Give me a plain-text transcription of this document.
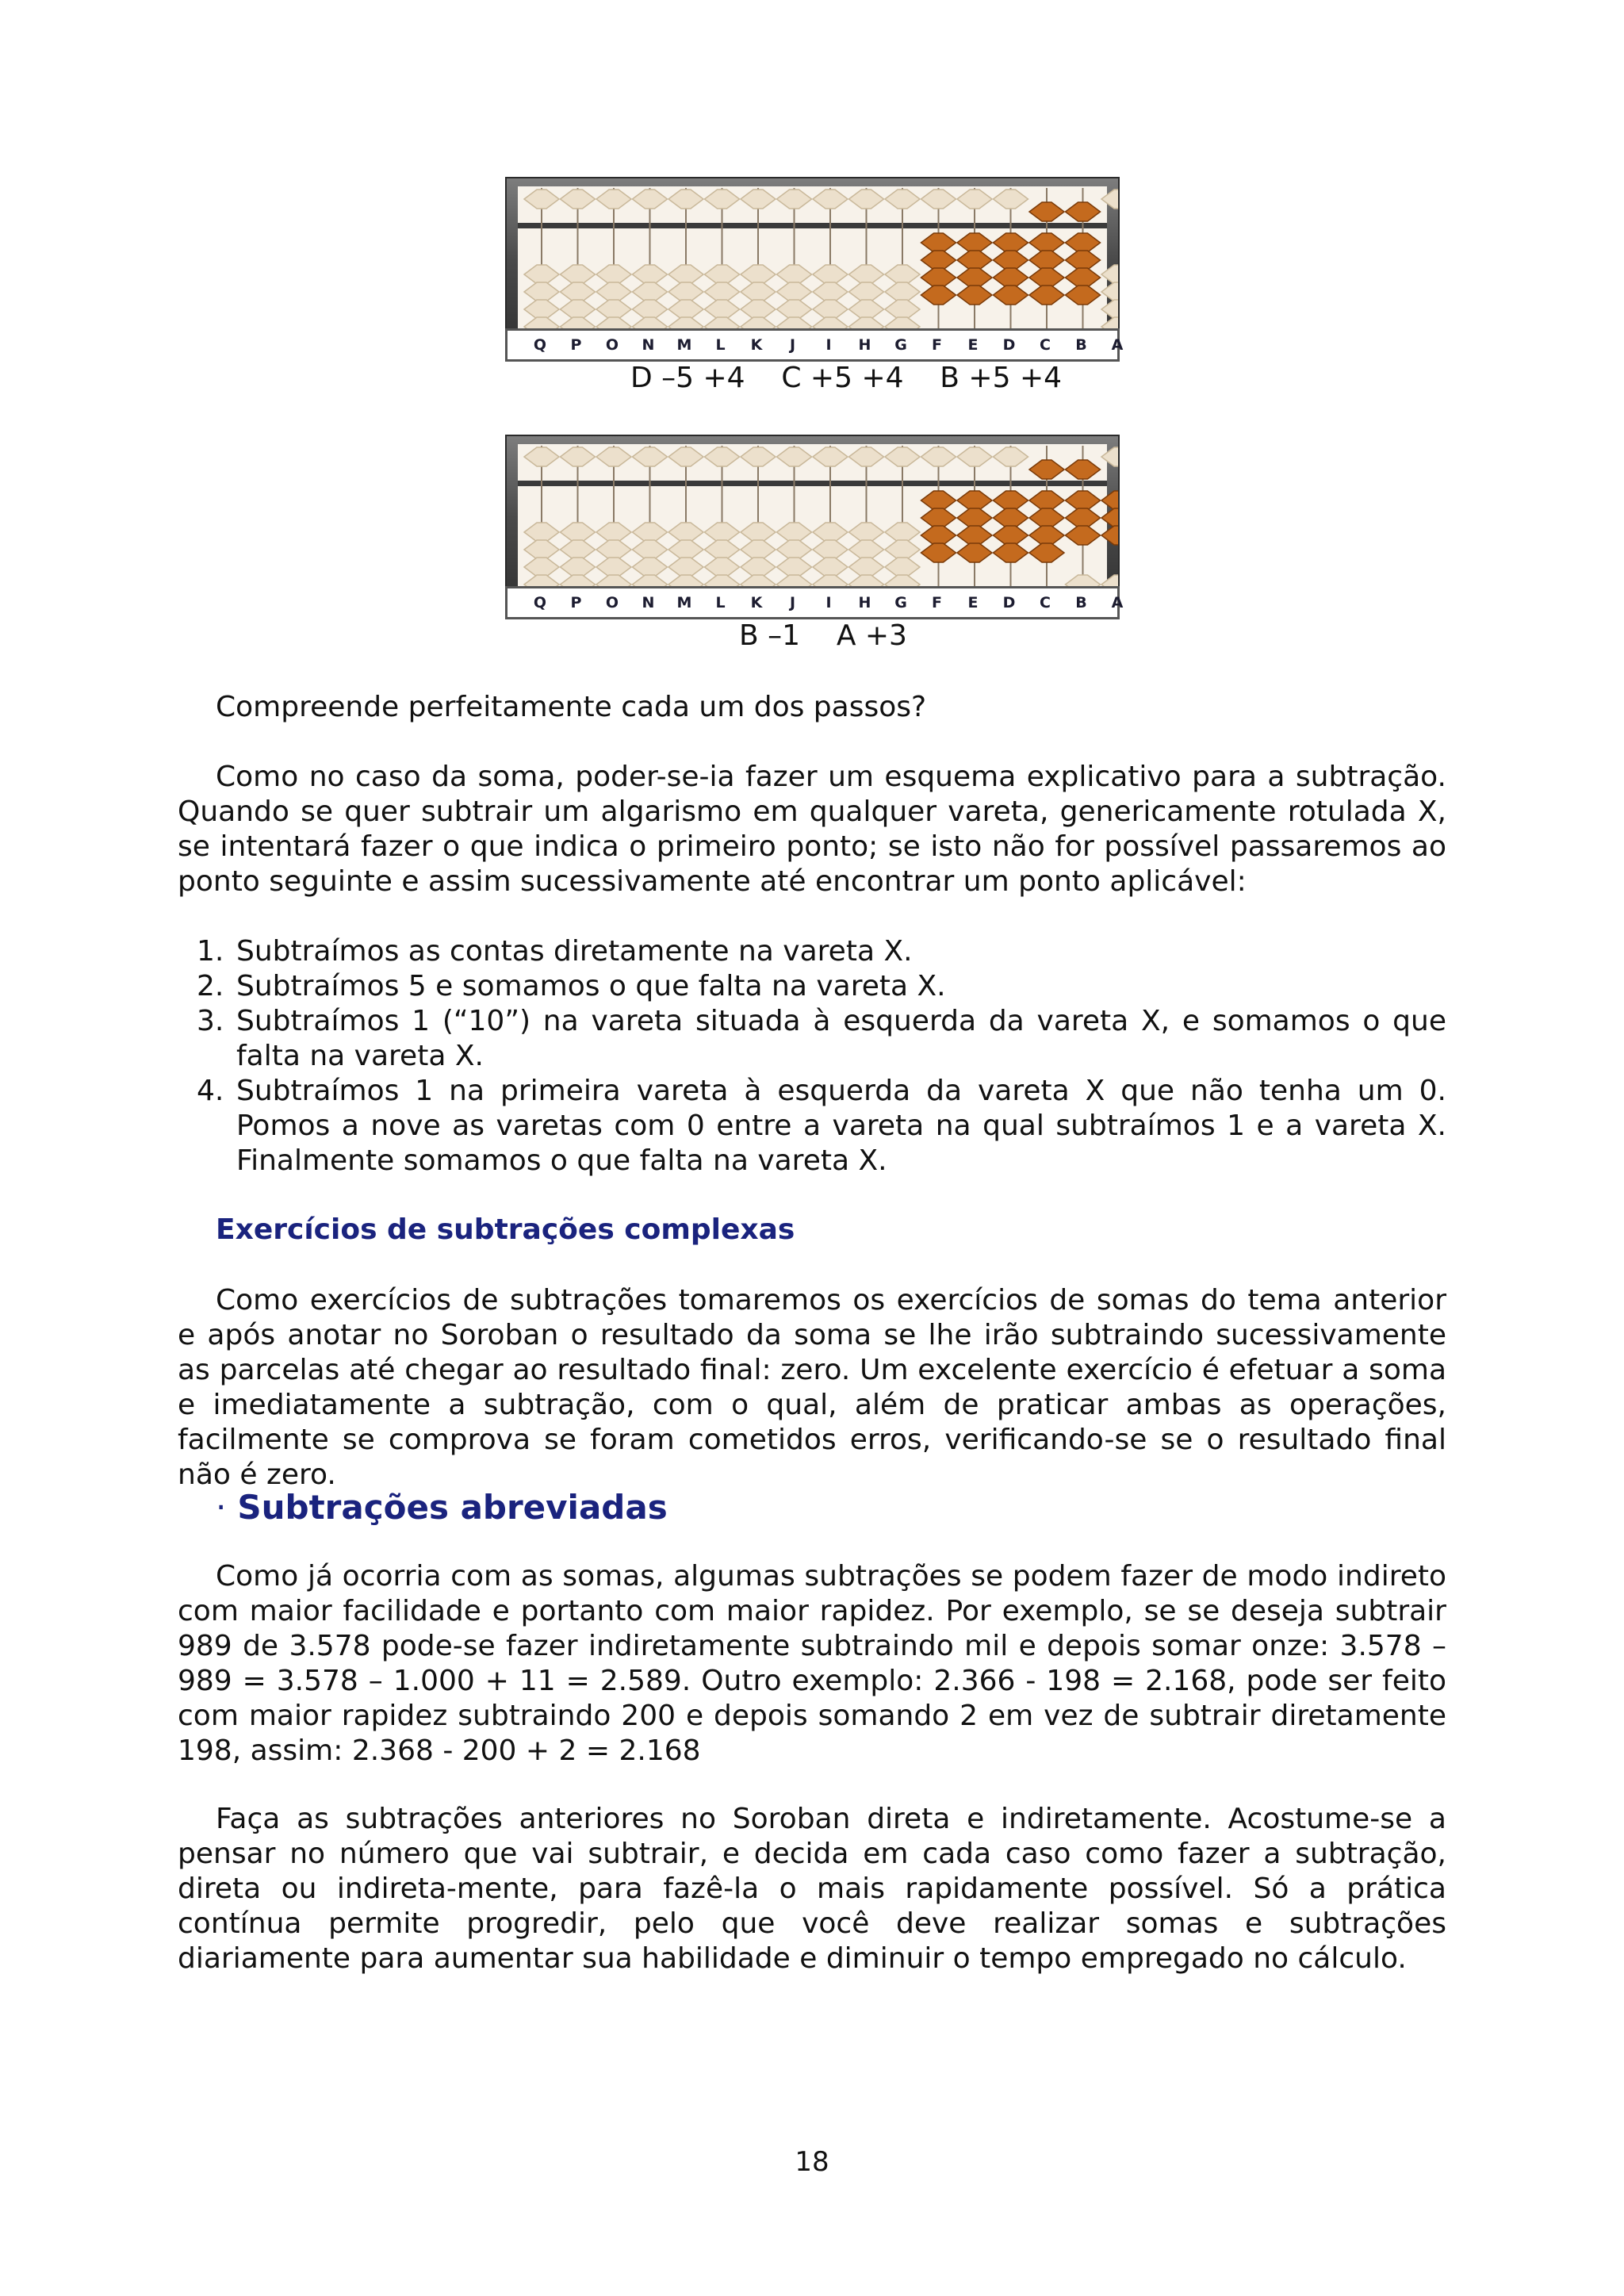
Q	P	O	N	M	L	K	J	I	H	G	F	E	D	C	B	A
D –5 +4    C +5 +4    B +5 +4
Q	P	O	N	M	L	K	J	I	H	G	F	E	D	C	B	A
B –1    A +3
Compreende perfeitamente cada um dos passos?
Como no caso da soma, poder-se-ia fazer um esquema explicativo para a subtração. Quando se quer subtrair um algarismo em qualquer vareta, genericamente rotulada X, se intentará fazer o que indica o primeiro ponto; se isto não for possível passaremos ao ponto seguinte e assim sucessivamente até encontrar um ponto aplicável:
1. Subtraímos as contas diretamente na vareta X.
2. Subtraímos 5 e somamos o que falta na vareta X.
3. Subtraímos 1 (“10”) na vareta situada à esquerda da vareta X, e somamos o que falta na vareta X.
4. Subtraímos 1 na primeira vareta à esquerda da vareta X que não tenha um 0. Pomos a nove as varetas com 0 entre a vareta na qual subtraímos 1 e a vareta X. Finalmente somamos o que falta na vareta X.
Exercícios de subtrações complexas
Como exercícios de subtrações tomaremos os exercícios de somas do tema anterior e após anotar no Soroban o resultado da soma se lhe irão subtraindo sucessivamente as parcelas até chegar ao resultado final: zero. Um excelente exercício é efetuar a soma e imediatamente a subtração, com o qual, além de praticar ambas as operações, facilmente se comprova se foram cometidos erros, verificando-se se o resultado final não é zero.
· Subtrações abreviadas
Como já ocorria com as somas, algumas subtrações se podem fazer de modo indireto com maior facilidade e portanto com maior rapidez. Por exemplo, se se deseja subtrair 989 de 3.578 pode-se fazer indiretamente subtraindo mil e depois somar onze: 3.578 – 989 = 3.578 – 1.000 + 11 = 2.589. Outro exemplo: 2.366 - 198 = 2.168, pode ser feito com maior rapidez subtraindo 200 e depois somando 2 em vez de subtrair diretamente 198, assim: 2.368 - 200 + 2 = 2.168
Faça as subtrações anteriores no Soroban direta e indiretamente. Acostume-se a pensar no número que vai subtrair, e decida em cada caso como fazer a subtração, direta ou indireta-mente, para fazê-la o mais rapidamente possível. Só a prática contínua permite progredir, pelo que você deve realizar somas e subtrações diariamente para aumentar sua habilidade e diminuir o tempo empregado no cálculo.
18
